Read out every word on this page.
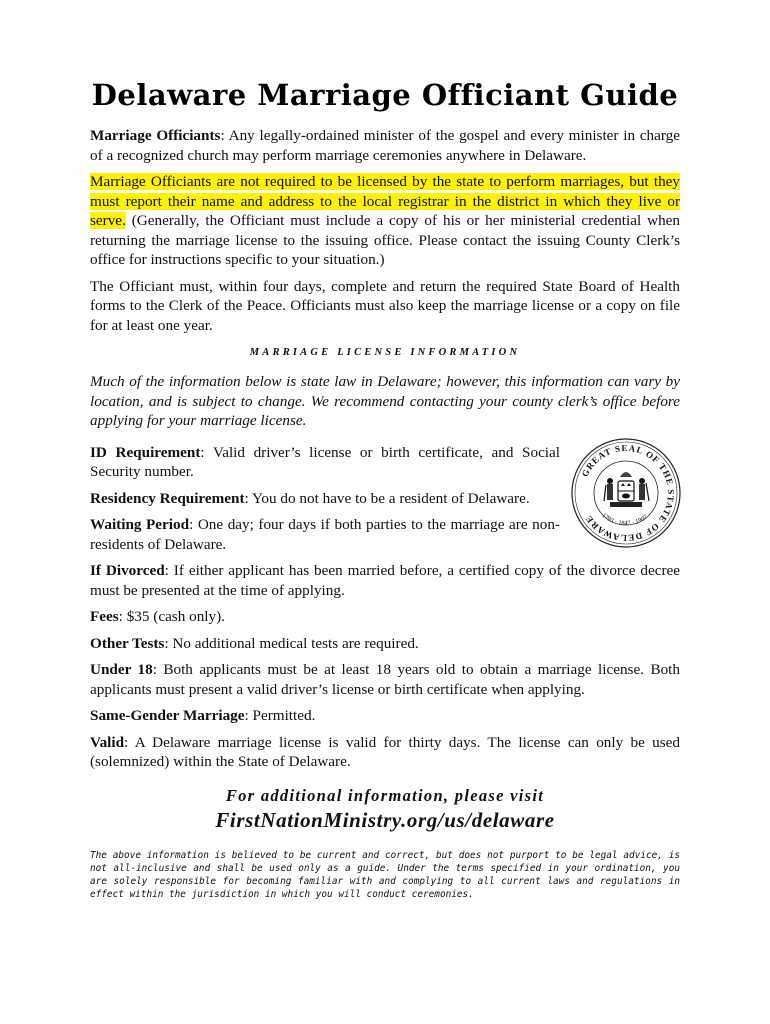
Delaware Marriage Officiant Guide

Marriage Officiants: Any legally-ordained minister of the gospel and every minister in charge of a recognized church may perform marriage ceremonies anywhere in Delaware.

Marriage Officiants are not required to be licensed by the state to perform marriages, but they must report their name and address to the local registrar in the district in which they live or serve. (Generally, the Officiant must include a copy of his or her ministerial credential when returning the marriage license to the issuing office. Please contact the issuing County Clerk’s office for instructions specific to your situation.)

The Officiant must, within four days, complete and return the required State Board of Health forms to the Clerk of the Peace. Officiants must also keep the marriage license or a copy on file for at least one year.

MARRIAGE LICENSE INFORMATION

Much of the information below is state law in Delaware; however, this information can vary by location, and is subject to change. We recommend contacting your county clerk’s office before applying for your marriage license.

GREAT SEAL OF THE STATE OF DELAWARE 1793 · 1847 · 1907

ID Requirement: Valid driver’s license or birth certificate, and Social Security number.

Residency Requirement: You do not have to be a resident of Delaware.

Waiting Period: One day; four days if both parties to the marriage are non-residents of Delaware.

If Divorced: If either applicant has been married before, a certified copy of the divorce decree must be presented at the time of applying.

Fees: $35 (cash only).

Other Tests: No additional medical tests are required.

Under 18: Both applicants must be at least 18 years old to obtain a marriage license. Both applicants must present a valid driver’s license or birth certificate when applying.

Same-Gender Marriage: Permitted.

Valid: A Delaware marriage license is valid for thirty days. The license can only be used (solemnized) within the State of Delaware.

For additional information, please visit
FirstNationMinistry.org/us/delaware

The above information is believed to be current and correct, but does not purport to be legal advice, is not all-inclusive and shall be used only as a guide. Under the terms specified in your ordination, you are solely responsible for becoming familiar with and complying to all current laws and regulations in effect within the jurisdiction in which you will conduct ceremonies.
